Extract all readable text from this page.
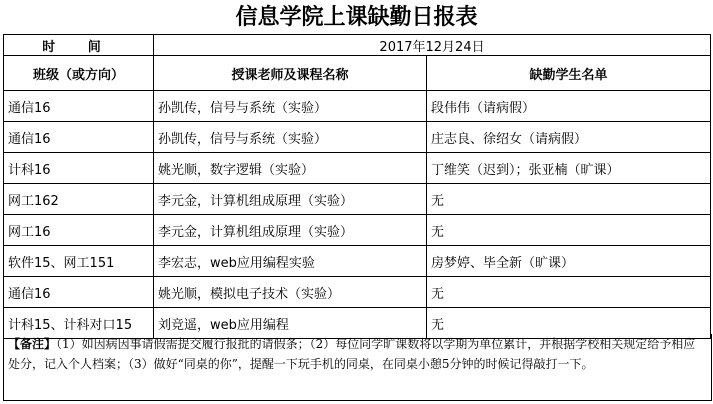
信息学院上课缺勤日报表
时 间	2017年12月24日	
班级（或方向）	授课老师及课程名称	缺勤学生名单
通信16	孙凯传，信号与系统（实验）	段伟伟（请病假）
通信16	孙凯传，信号与系统（实验）	庄志良、徐绍女（请病假）
计科16	姚光顺，数字逻辑（实验）	丁维笑（迟到）；张亚楠（旷课）
网工162	李元金，计算机组成原理（实验）	无
网工16	李元金，计算机组成原理（实验）	无
软件15、网工151	李宏志，web应用编程实验	房梦婷、毕全新（旷课）
通信16	姚光顺，模拟电子技术（实验）	无
计科15、计科对口15	刘竞遥，web应用编程	无
【备注】（1）如因病因事请假需提交履行报批的请假条；（2）每位同学旷课数将以学期为单位累计，并根据学校相关规定给予相应处分，记入个人档案；（3）做好“同桌的你”，提醒一下玩手机的同桌，在同桌小憩5分钟的时候记得敲打一下。
